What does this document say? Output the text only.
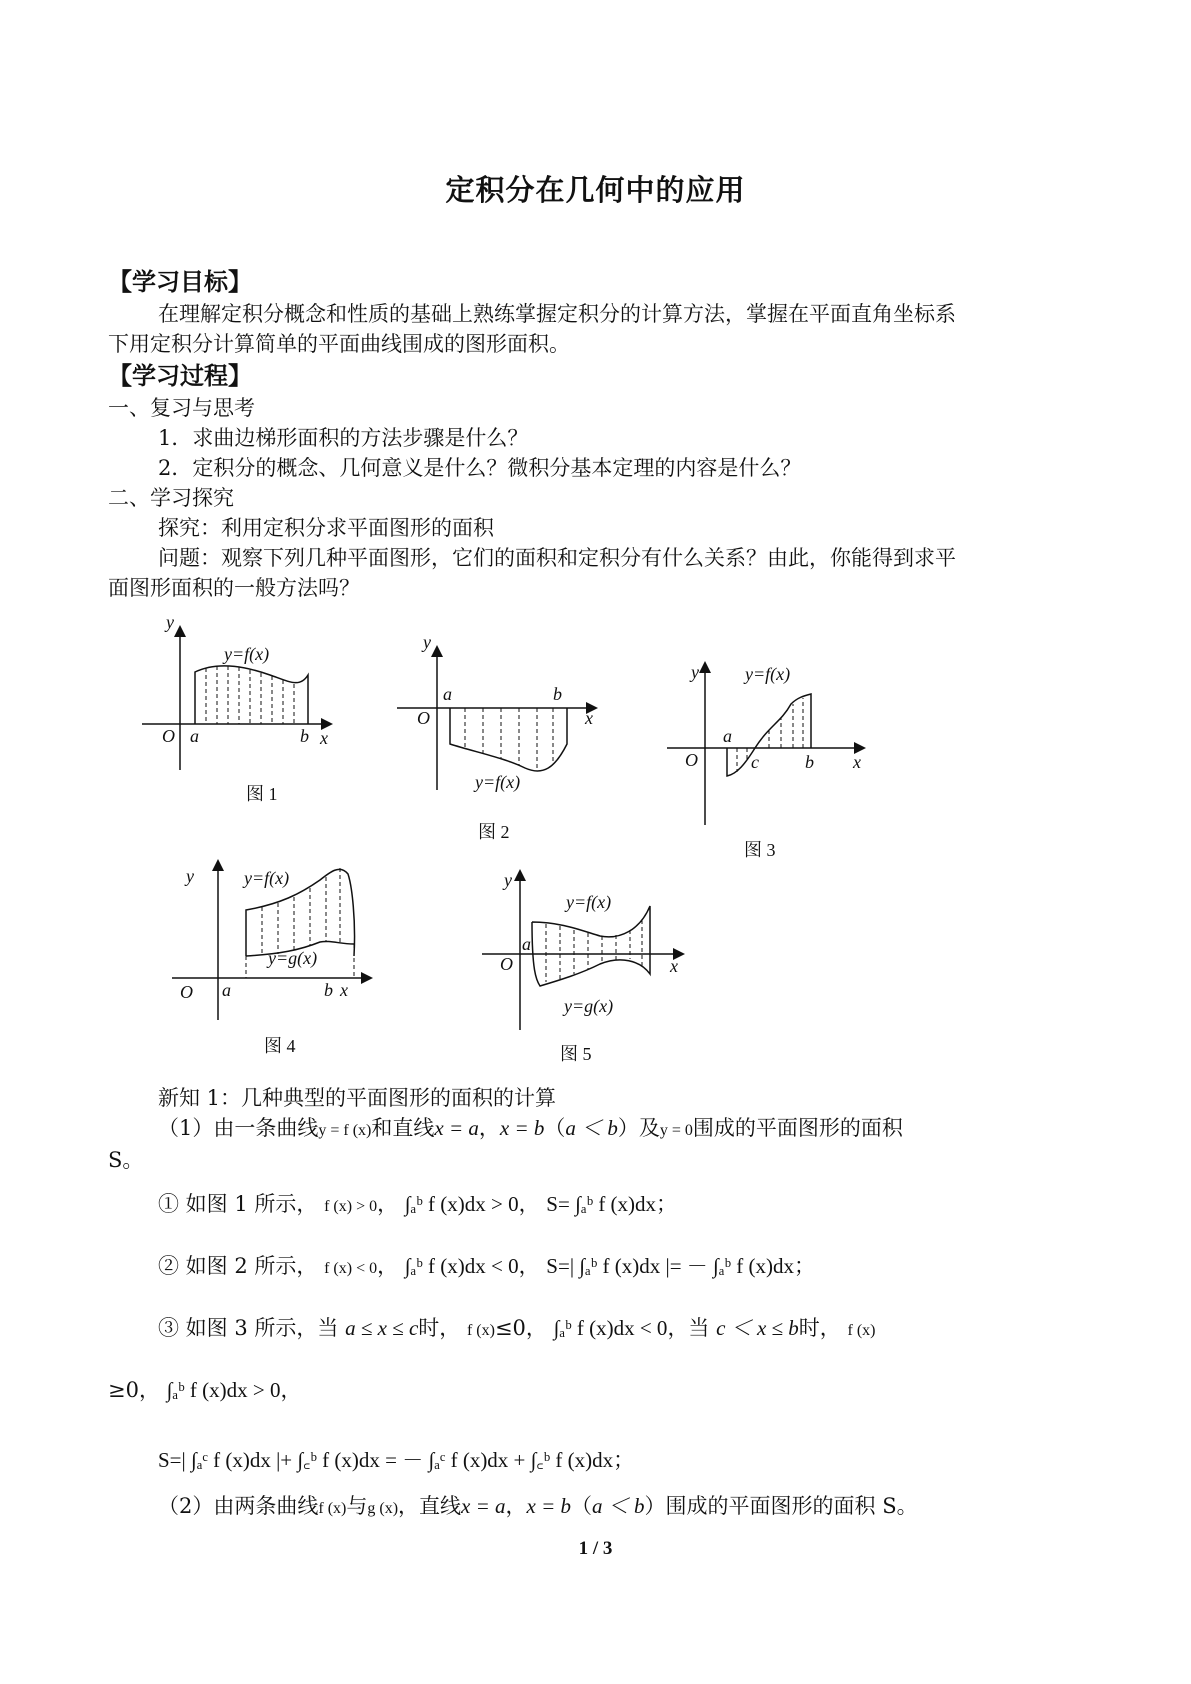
定积分在几何中的应用
【学习目标】
在理解定积分概念和性质的基础上熟练掌握定积分的计算方法，掌握在平面直角坐标系
下用定积分计算简单的平面曲线围成的图形面积。
【学习过程】
一、复习与思考
1．求曲边梯形面积的方法步骤是什么？
2．定积分的概念、几何意义是什么？微积分基本定理的内容是什么？
二、学习探究
探究：利用定积分求平面图形的面积
问题：观察下列几种平面图形，它们的面积和定积分有什么关系？由此，你能得到求平
面图形面积的一般方法吗？
y
O a	b x
y=f(x)
图 1
y
O
a	b
x
y=f(x)
图 2
y
O
a
c	b x
y=f(x)
图 3
y
O a	b x
y=f(x)
y=g(x)
图 4
y
O
a
x
y=f(x)
y=g(x)
图 5
新知 1：几种典型的平面图形的面积的计算
（1）由一条曲线y = f (x)和直线x = a，x = b（a ＜ b）及y = 0围成的平面图形的面积
S。
① 如图 1 所示， f (x) > 0， ∫ₐᵇ f (x)dx > 0， S= ∫ₐᵇ f (x)dx；
② 如图 2 所示， f (x) < 0， ∫ₐᵇ f (x)dx < 0， S=| ∫ₐᵇ f (x)dx |= － ∫ₐᵇ f (x)dx；
③ 如图 3 所示，当 a ≤ x ≤ c时， f (x)≤0， ∫ₐᵇ f (x)dx < 0，当 c ＜ x ≤ b时， f (x)
≥0， ∫ₐᵇ f (x)dx > 0，
S=| ∫ₐᶜ f (x)dx |+ ∫꜀ᵇ f (x)dx = － ∫ₐᶜ f (x)dx + ∫꜀ᵇ f (x)dx；
（2）由两条曲线f (x)与g (x)，直线x = a，x = b（a ＜ b）围成的平面图形的面积 S。
1 / 3
